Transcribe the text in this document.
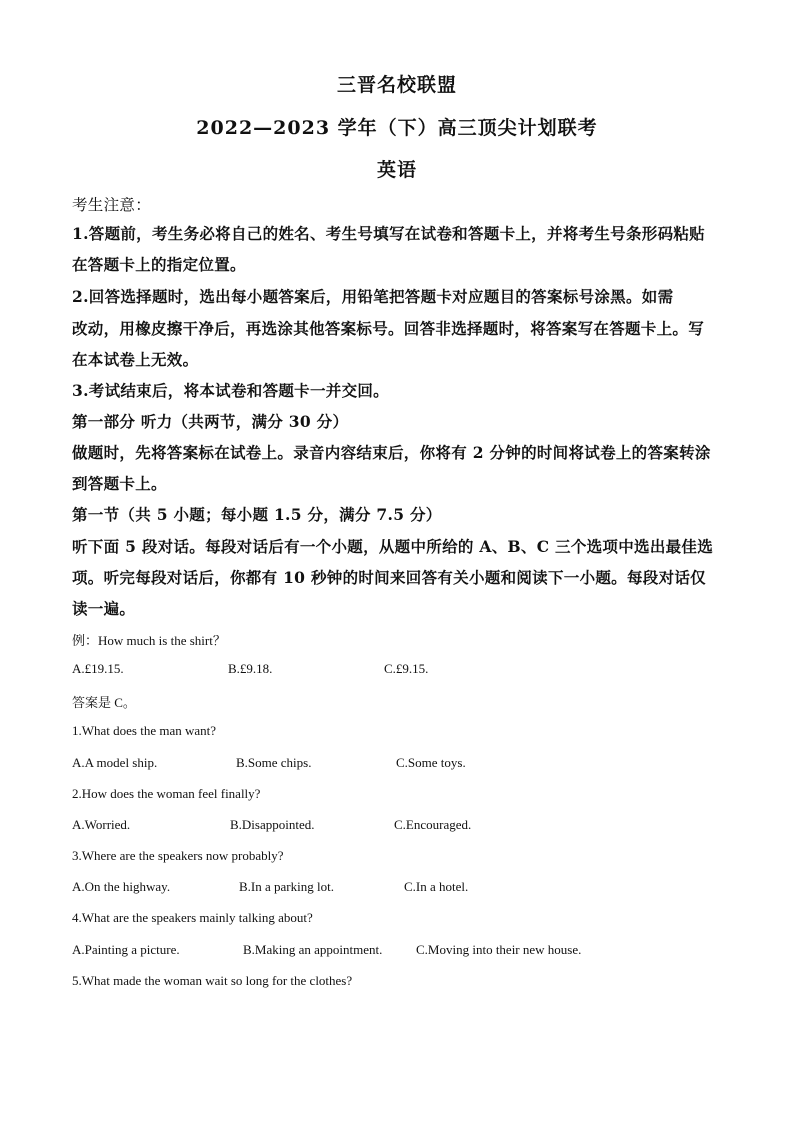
三晋名校联盟
2022—2023 学年（下）高三顶尖计划联考
英语
考生注意：
1.答题前，考生务必将自己的姓名、考生号填写在试卷和答题卡上，并将考生号条形码粘贴
在答题卡上的指定位置。
2.回答选择题时，选出每小题答案后，用铅笔把答题卡对应题目的答案标号涂黑。如需
改动，用橡皮擦干净后，再选涂其他答案标号。回答非选择题时，将答案写在答题卡上。写
在本试卷上无效。
3.考试结束后，将本试卷和答题卡一并交回。
第一部分 听力（共两节，满分 30 分）
做题时，先将答案标在试卷上。录音内容结束后，你将有 2 分钟的时间将试卷上的答案转涂
到答题卡上。
第一节（共 5 小题；每小题 1.5 分，满分 7.5 分）
听下面 5 段对话。每段对话后有一个小题，从题中所给的 A、B、C 三个选项中选出最佳选
项。听完每段对话后，你都有 10 秒钟的时间来回答有关小题和阅读下一小题。每段对话仅
读一遍。
例：How much is the shirt？
A.£19.15.	B.£9.18.	C.£9.15.
答案是 C。
1.What does the man want?
A.A model ship.	B.Some chips.	C.Some toys.
2.How does the woman feel finally?
A.Worried.	B.Disappointed.	C.Encouraged.
3.Where are the speakers now probably?
A.On the highway.	B.In a parking lot.	C.In a hotel.
4.What are the speakers mainly talking about?
A.Painting a picture.	B.Making an appointment.	C.Moving into their new house.
5.What made the woman wait so long for the clothes?
